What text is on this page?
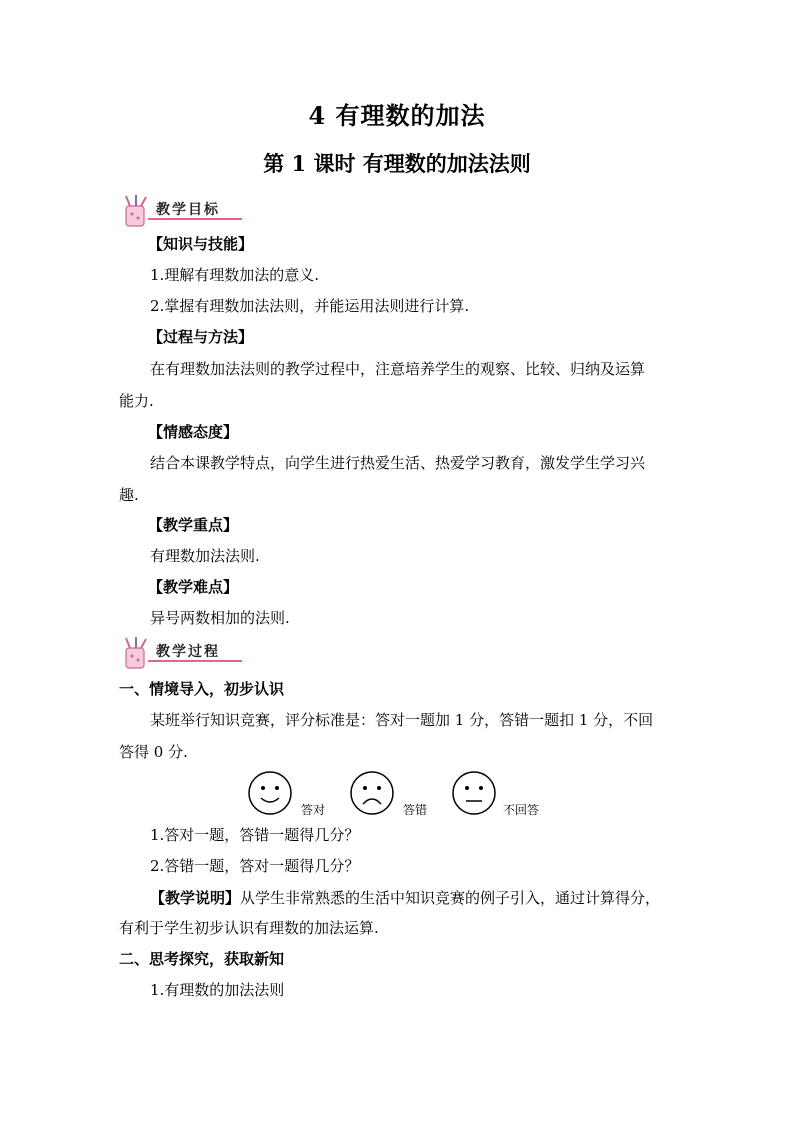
4 有理数的加法
第 1 课时 有理数的加法法则
教学目标
【知识与技能】
1.理解有理数加法的意义.
2.掌握有理数加法法则，并能运用法则进行计算.
【过程与方法】
在有理数加法法则的教学过程中，注意培养学生的观察、比较、归纳及运算
能力.
【情感态度】
结合本课教学特点，向学生进行热爱生活、热爱学习教育，激发学生学习兴
趣.
【教学重点】
有理数加法法则.
【教学难点】
异号两数相加的法则.
教学过程
一、情境导入，初步认识
某班举行知识竞赛，评分标准是：答对一题加 1 分，答错一题扣 1 分，不回
答得 0 分.
答对	答错	不回答
1.答对一题，答错一题得几分？
2.答错一题，答对一题得几分？
【教学说明】从学生非常熟悉的生活中知识竞赛的例子引入，通过计算得分，
有利于学生初步认识有理数的加法运算.
二、思考探究，获取新知
1.有理数的加法法则
